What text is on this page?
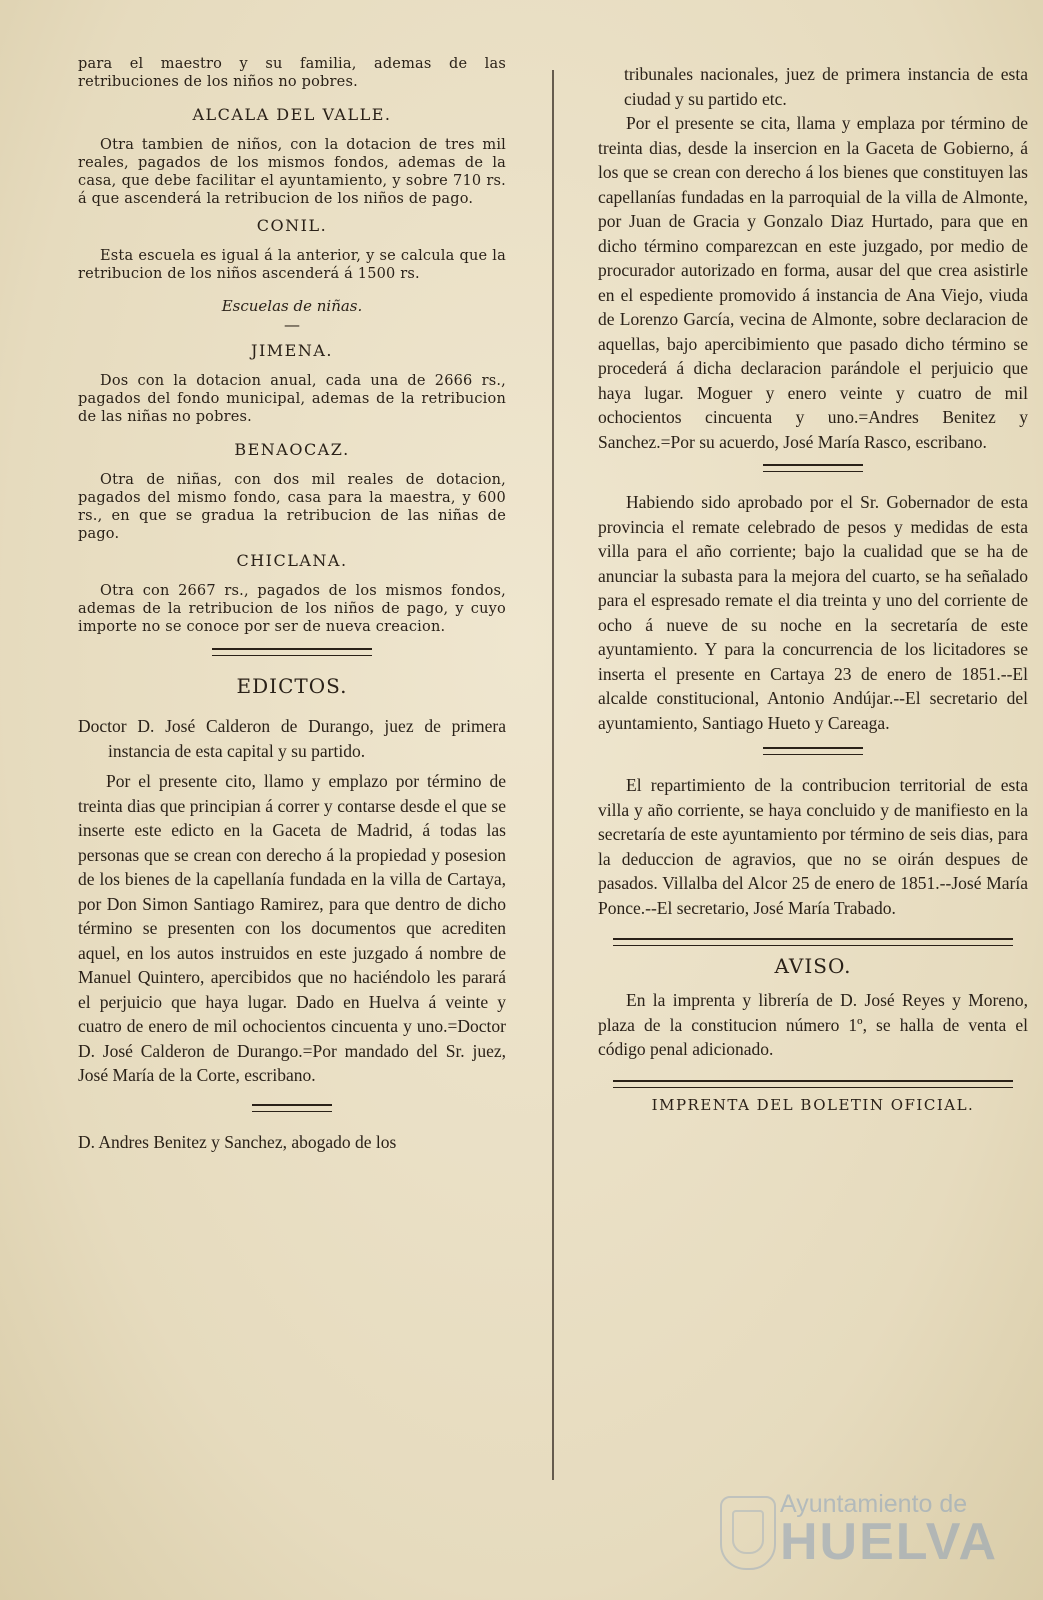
para el maestro y su familia, ademas de las retribuciones de los niños no pobres.

ALCALA DEL VALLE.

Otra tambien de niños, con la dotacion de tres mil reales, pagados de los mismos fondos, ademas de la casa, que debe facilitar el ayuntamiento, y sobre 710 rs. á que ascenderá la retribucion de los niños de pago.

CONIL.

Esta escuela es igual á la anterior, y se calcula que la retribucion de los niños ascenderá á 1500 rs.

Escuelas de niñas.
—
JIMENA.

Dos con la dotacion anual, cada una de 2666 rs., pagados del fondo municipal, ademas de la retribucion de las niñas no pobres.

BENAOCAZ.

Otra de niñas, con dos mil reales de dotacion, pagados del mismo fondo, casa para la maestra, y 600 rs., en que se gradua la retribucion de las niñas de pago.

CHICLANA.

Otra con 2667 rs., pagados de los mismos fondos, ademas de la retribucion de los niños de pago, y cuyo importe no se conoce por ser de nueva creacion.

EDICTOS.

Doctor D. José Calderon de Durango, juez de primera instancia de esta capital y su partido.

Por el presente cito, llamo y emplazo por término de treinta dias que principian á correr y contarse desde el que se inserte este edicto en la Gaceta de Madrid, á todas las personas que se crean con derecho á la propiedad y posesion de los bienes de la capellanía fundada en la villa de Cartaya, por Don Simon Santiago Ramirez, para que dentro de dicho término se presenten con los documentos que acrediten aquel, en los autos instruidos en este juzgado á nombre de Manuel Quintero, apercibidos que no haciéndolo les parará el perjuicio que haya lugar. Dado en Huelva á veinte y cuatro de enero de mil ochocientos cincuenta y uno.=Doctor D. José Calderon de Durango.=Por mandado del Sr. juez, José María de la Corte, escribano.

D. Andres Benitez y Sanchez, abogado de los

tribunales nacionales, juez de primera instancia de esta ciudad y su partido etc.

Por el presente se cita, llama y emplaza por término de treinta dias, desde la insercion en la Gaceta de Gobierno, á los que se crean con derecho á los bienes que constituyen las capellanías fundadas en la parroquial de la villa de Almonte, por Juan de Gracia y Gonzalo Diaz Hurtado, para que en dicho término comparezcan en este juzgado, por medio de procurador autorizado en forma, ausar del que crea asistirle en el espediente promovido á instancia de Ana Viejo, viuda de Lorenzo García, vecina de Almonte, sobre declaracion de aquellas, bajo apercibimiento que pasado dicho término se procederá á dicha declaracion parándole el perjuicio que haya lugar. Moguer y enero veinte y cuatro de mil ochocientos cincuenta y uno.=Andres Benitez y Sanchez.=Por su acuerdo, José María Rasco, escribano.

Habiendo sido aprobado por el Sr. Gobernador de esta provincia el remate celebrado de pesos y medidas de esta villa para el año corriente; bajo la cualidad que se ha de anunciar la subasta para la mejora del cuarto, se ha señalado para el espresado remate el dia treinta y uno del corriente de ocho á nueve de su noche en la secretaría de este ayuntamiento. Y para la concurrencia de los licitadores se inserta el presente en Cartaya 23 de enero de 1851.--El alcalde constitucional, Antonio Andújar.--El secretario del ayuntamiento, Santiago Hueto y Careaga.

El repartimiento de la contribucion territorial de esta villa y año corriente, se haya concluido y de manifiesto en la secretaría de este ayuntamiento por término de seis dias, para la deduccion de agravios, que no se oirán despues de pasados. Villalba del Alcor 25 de enero de 1851.--José María Ponce.--El secretario, José María Trabado.

AVISO.

En la imprenta y librería de D. José Reyes y Moreno, plaza de la constitucion número 1º, se halla de venta el código penal adicionado.

IMPRENTA DEL BOLETIN OFICIAL.
Ayuntamiento de
HUELVA
